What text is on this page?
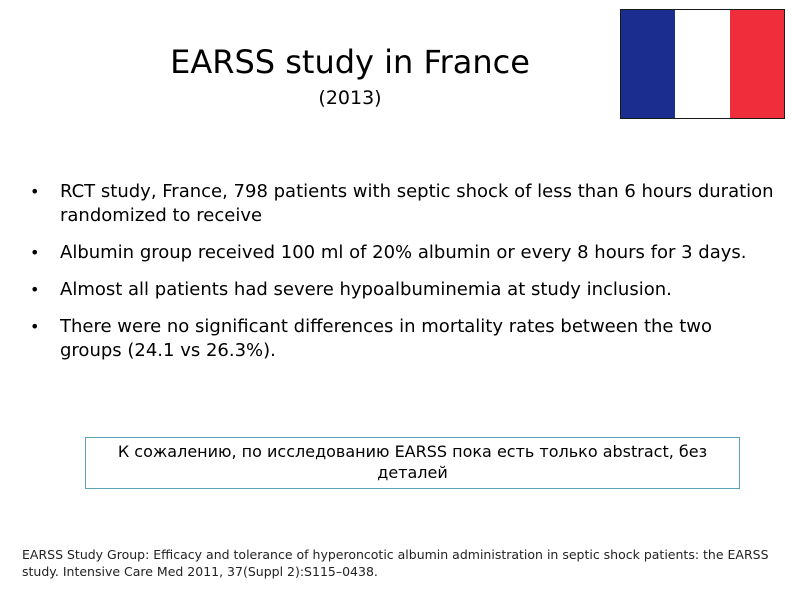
EARSS study in France
(2013)
• RCT study, France, 798 patients with septic shock of less than 6 hours duration randomized to receive
• Albumin group received 100 ml of 20% albumin or every 8 hours for 3 days.
• Almost all patients had severe hypoalbuminemia at study inclusion.
• There were no significant differences in mortality rates between the two groups (24.1 vs 26.3%).
К сожалению, по исследованию EARSS пока есть только abstract, без деталей
EARSS Study Group: Efficacy and tolerance of hyperoncotic albumin administration in septic shock patients: the EARSS study. Intensive Care Med 2011, 37(Suppl 2):S115–0438.
